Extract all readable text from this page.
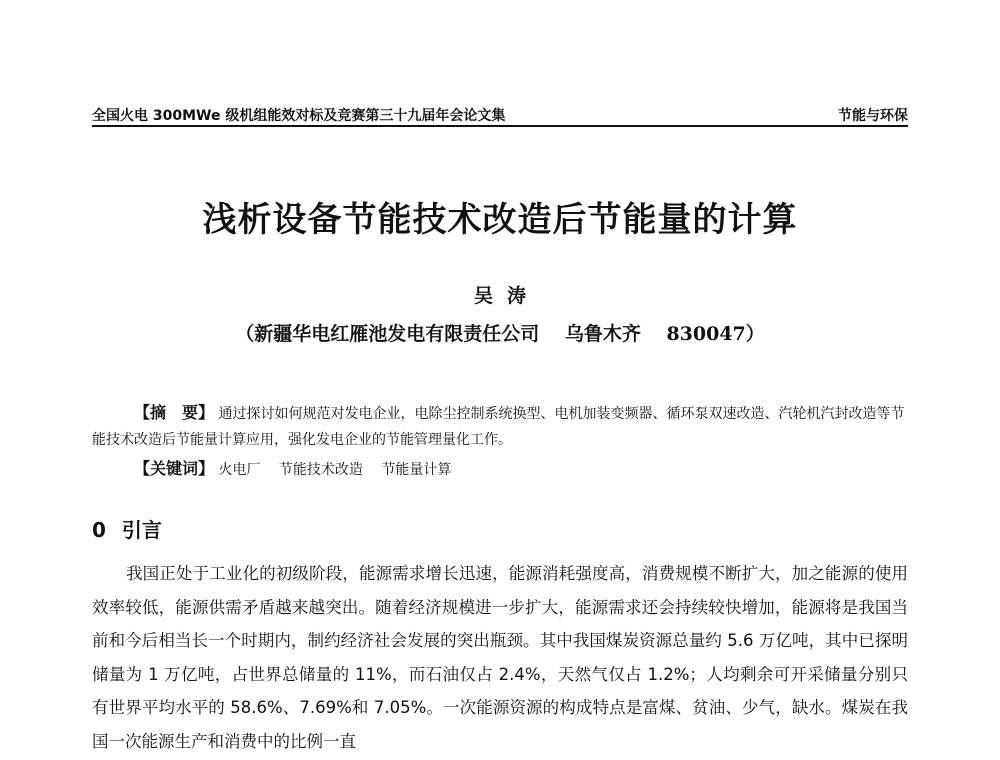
全国火电 300MWe 级机组能效对标及竞赛第三十九届年会论文集	节能与环保
浅析设备节能技术改造后节能量的计算
吴涛
（新疆华电红雁池发电有限责任公司　 乌鲁木齐　 830047）
【摘　要】 通过探讨如何规范对发电企业，电除尘控制系统换型、电机加装变频器、循环泵双速改造、汽轮机汽封改造等节能技术改造后节能量计算应用，强化发电企业的节能管理量化工作。
【关键词】 火电厂 节能技术改造 节能量计算
0 引言
我国正处于工业化的初级阶段，能源需求增长迅速，能源消耗强度高，消费规模不断扩大，加之能源的使用效率较低，能源供需矛盾越来越突出。随着经济规模进一步扩大，能源需求还会持续较快增加，能源将是我国当前和今后相当长一个时期内，制约经济社会发展的突出瓶颈。其中我国煤炭资源总量约 5.6 万亿吨，其中已探明储量为 1 万亿吨，占世界总储量的 11%，而石油仅占 2.4%，天然气仅占 1.2%；人均剩余可开采储量分别只有世界平均水平的 58.6%、7.69%和 7.05%。一次能源资源的构成特点是富煤、贫油、少气，缺水。煤炭在我国一次能源生产和消费中的比例一直
